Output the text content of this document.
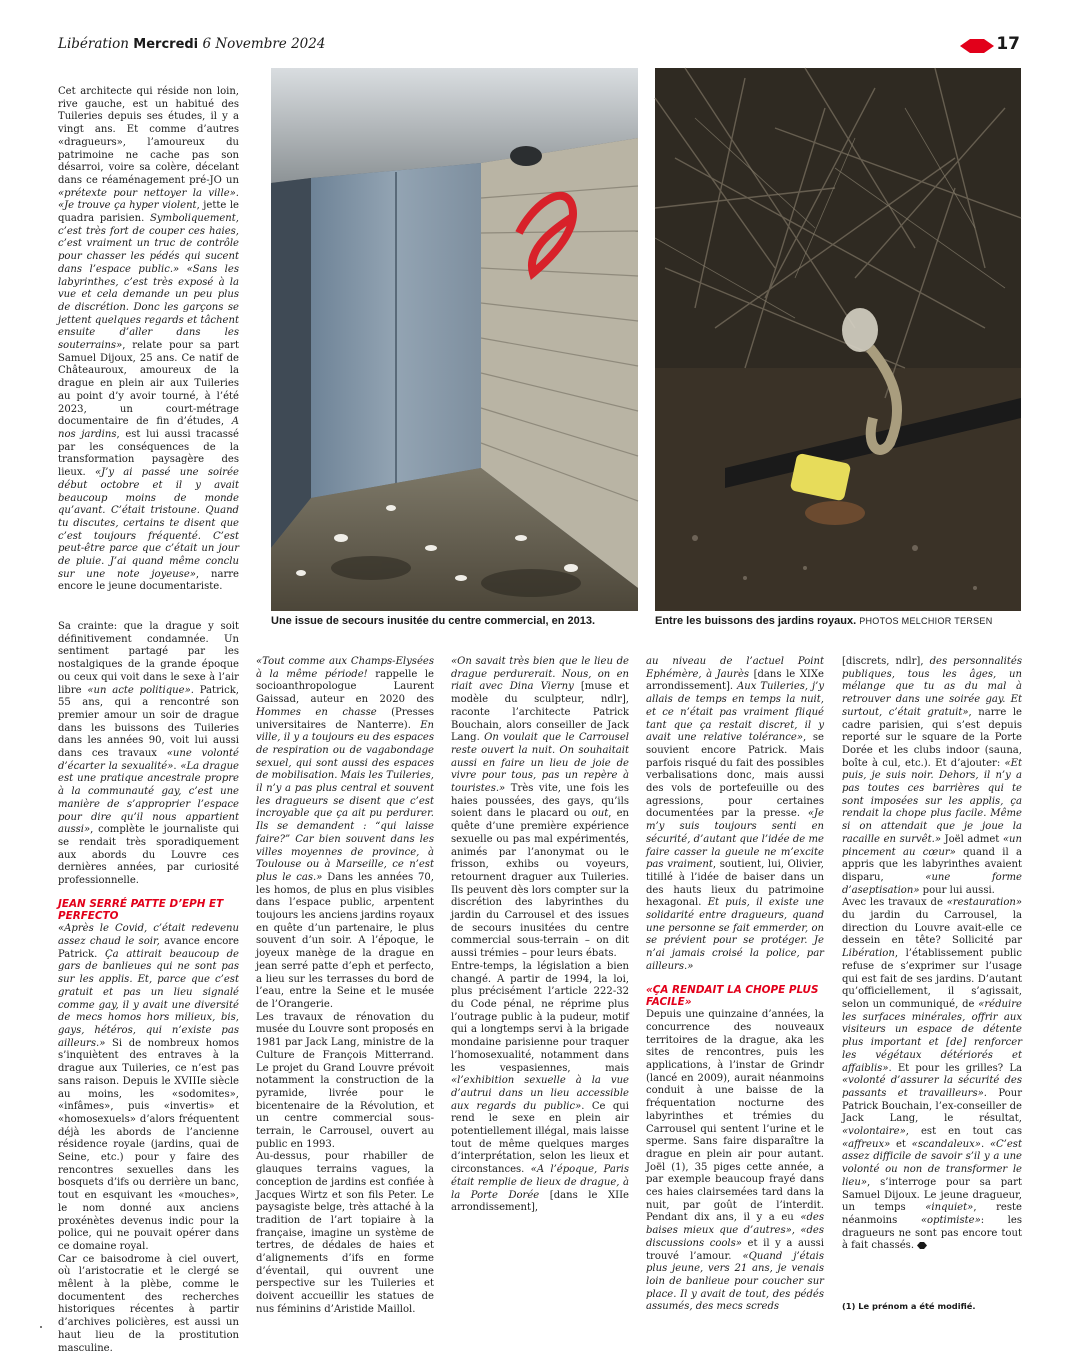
Libération Mercredi 6 Novembre 2024	17
Une issue de secours inusitée du centre commercial, en 2013.	Entre les buissons des jardins royaux. PHOTOS MELCHIOR TERSEN

Cet architecte qui réside non loin, rive gauche, est un habitué des Tuileries depuis ses études, il y a vingt ans. Et comme d’autres «dragueurs», l’amoureux du patrimoine ne cache pas son désarroi, voire sa colère, décelant dans ce réaménagement pré-JO un «prétexte pour nettoyer la ville». «Je trouve ça hyper violent, jette le quadra parisien. Symboliquement, c’est très fort de couper ces haies, c’est vraiment un truc de contrôle pour chasser les pédés qui sucent dans l’espace public.» «Sans les labyrinthes, c’est très exposé à la vue et cela demande un peu plus de discrétion. Donc les garçons se jettent quelques regards et tâchent ensuite d’aller dans les souterrains», relate pour sa part Samuel Dijoux, 25 ans. Ce natif de Châteauroux, amoureux de la drague en plein air aux Tuileries au point d’y avoir tourné, à l’été 2023, un court-métrage documentaire de fin d’études, A nos jardins, est lui aussi tracassé par les conséquences de la transformation paysagère des lieux. «J’y ai passé une soirée début octobre et il y avait beaucoup moins de monde qu’avant. C’était tristoune. Quand tu discutes, certains te disent que c’est toujours fréquenté. C’est peut-être parce que c’était un jour de pluie. J’ai quand même conclu sur une note joyeuse», narre encore le jeune documentariste.

Sa crainte: que la drague y soit définitivement condamnée. Un sentiment partagé par les nostalgiques de la grande époque ou ceux qui voit dans le sexe à l’air libre «un acte politique». Patrick, 55 ans, qui a rencontré son premier amour un soir de drague dans les buissons des Tuileries dans les années 90, voit lui aussi dans ces travaux «une volonté d’écarter la sexualité». «La drague est une pratique ancestrale propre à la communauté gay, c’est une manière de s’approprier l’espace pour dire qu’il nous appartient aussi», complète le journaliste qui se rendait très sporadiquement aux abords du Louvre ces dernières années, par curiosité professionnelle.

JEAN SERRÉ PATTE D’EPH ET PERFECTO

«Après le Covid, c’était redevenu assez chaud le soir, avance encore Patrick. Ça attirait beaucoup de gars de banlieues qui ne sont pas sur les applis. Et, parce que c’est gratuit et pas un lieu signalé comme gay, il y avait une diversité de mecs homos hors milieux, bis, gays, hétéros, qui n’existe pas ailleurs.» Si de nombreux homos s’inquiètent des entraves à la drague aux Tuileries, ce n’est pas sans raison. Depuis le XVIIIe siècle au moins, les «sodomites», «infâmes», puis «invertis» et «homosexuels» d’alors fréquentent déjà les abords de l’ancienne résidence royale (jardins, quai de Seine, etc.) pour y faire des rencontres sexuelles dans les bosquets d’ifs ou derrière un banc, tout en esquivant les «mouches», le nom donné aux anciens proxénètes devenus indic pour la police, qui ne pouvait opérer dans ce domaine royal.

Car ce baisodrome à ciel ouvert, où l’aristocratie et le clergé se mêlent à la plèbe, comme le documentent des recherches historiques récentes à partir d’archives policières, est aussi un haut lieu de la prostitution masculine.

«Tout comme aux Champs-Elysées à la même période! rappelle le socioanthropologue Laurent Gaissad, auteur en 2020 des Hommes en chasse (Presses universitaires de Nanterre). En ville, il y a toujours eu des espaces de respiration ou de vagabondage sexuel, qui sont aussi des espaces de mobilisation. Mais les Tuileries, il n’y a pas plus central et souvent les dragueurs se disent que c’est incroyable que ça ait pu perdurer. Ils se demandent : “qui laisse faire?” Car bien souvent dans les villes moyennes de province, à Toulouse ou à Marseille, ce n’est plus le cas.» Dans les années 70, les homos, de plus en plus visibles dans l’espace public, arpentent toujours les anciens jardins royaux en quête d’un partenaire, le plus souvent d’un soir. A l’époque, le joyeux manège de la drague en jean serré patte d’eph et perfecto, a lieu sur les terrasses du bord de l’eau, entre la Seine et le musée de l’Orangerie.

Les travaux de rénovation du musée du Louvre sont proposés en 1981 par Jack Lang, ministre de la Culture de François Mitterrand. Le projet du Grand Louvre prévoit notamment la construction de la pyramide, livrée pour le bicentenaire de la Révolution, et un centre commercial sous-terrain, le Carrousel, ouvert au public en 1993.

Au-dessus, pour rhabiller de glauques terrains vagues, la conception de jardins est confiée à Jacques Wirtz et son fils Peter. Le paysagiste belge, très attaché à la tradition de l’art topiaire à la française, imagine un système de tertres, de dédales de haies et d’alignements d’ifs en forme d’éventail, qui ouvrent une perspective sur les Tuileries et doivent accueillir les statues de nus féminins d’Aristide Maillol.

«On savait très bien que le lieu de drague perdurerait. Nous, on en riait avec Dina Vierny [muse et modèle du sculpteur, ndlr], raconte l’architecte Patrick Bouchain, alors conseiller de Jack Lang. On voulait que le Carrousel reste ouvert la nuit. On souhaitait aussi en faire un lieu de joie de vivre pour tous, pas un repère à touristes.» Très vite, une fois les haies poussées, des gays, qu’ils soient dans le placard ou out, en quête d’une première expérience sexuelle ou pas mal expérimentés, animés par l’anonymat ou le frisson, exhibs ou voyeurs, retournent draguer aux Tuileries. Ils peuvent dès lors compter sur la discrétion des labyrinthes du jardin du Carrousel et des issues de secours inusitées du centre commercial sous-terrain – on dit aussi trémies – pour leurs ébats.

Entre-temps, la législation a bien changé. A partir de 1994, la loi, plus précisément l’article 222-32 du Code pénal, ne réprime plus l’outrage public à la pudeur, motif qui a longtemps servi à la brigade mondaine parisienne pour traquer l’homosexualité, notamment dans les vespasiennes, mais «l’exhibition sexuelle à la vue d’autrui dans un lieu accessible aux regards du public». Ce qui rend le sexe en plein air potentiellement illégal, mais laisse tout de même quelques marges d’interprétation, selon les lieux et circonstances. «A l’époque, Paris était remplie de lieux de drague, à la Porte Dorée [dans le XIIe arrondissement],

au niveau de l’actuel Point Ephémère, à Jaurès [dans le XIXe arrondissement]. Aux Tuileries, j’y allais de temps en temps la nuit, et ce n’était pas vraiment fliqué tant que ça restait discret, il y avait une relative tolérance», se souvient encore Patrick. Mais parfois risqué du fait des possibles verbalisations donc, mais aussi des vols de portefeuille ou des agressions, pour certaines documentées par la presse. «Je m’y suis toujours senti en sécurité, d’autant que l’idée de me faire casser la gueule ne m’excite pas vraiment, soutient, lui, Olivier, titillé à l’idée de baiser dans un des hauts lieux du patrimoine hexagonal. Et puis, il existe une solidarité entre dragueurs, quand une personne se fait emmerder, on se prévient pour se protéger. Je n’ai jamais croisé la police, par ailleurs.»

«ÇA RENDAIT LA CHOPE PLUS FACILE»

Depuis une quinzaine d’années, la concurrence des nouveaux territoires de la drague, aka les sites de rencontres, puis les applications, à l’instar de Grindr (lancé en 2009), aurait néanmoins conduit à une baisse de la fréquentation nocturne des labyrinthes et trémies du Carrousel qui sentent l’urine et le sperme. Sans faire disparaître la drague en plein air pour autant. Joël (1), 35 piges cette année, a par exemple beaucoup frayé dans ces haies clairsemées tard dans la nuit, par goût de l’interdit. Pendant dix ans, il y a eu «des baises mieux que d’autres», «des discussions cools» et il y a aussi trouvé l’amour. «Quand j’étais plus jeune, vers 21 ans, je venais loin de banlieue pour coucher sur place. Il y avait de tout, des pédés assumés, des mecs screds

[discrets, ndlr], des personnalités publiques, tous les âges, un mélange que tu as du mal à retrouver dans une soirée gay. Et surtout, c’était gratuit», narre le cadre parisien, qui s’est depuis reporté sur le square de la Porte Dorée et les clubs indoor (sauna, boîte à cul, etc.). Et d’ajouter: «Et puis, je suis noir. Dehors, il n’y a pas toutes ces barrières qui te sont imposées sur les applis, ça rendait la chope plus facile. Même si on attendait que je joue la racaille en survêt.» Joël admet «un pincement au cœur» quand il a appris que les labyrinthes avaient disparu, «une forme d’aseptisation» pour lui aussi.

Avec les travaux de «restauration» du jardin du Carrousel, la direction du Louvre avait-elle ce dessein en tête? Sollicité par Libération, l’établissement public refuse de s’exprimer sur l’usage qui est fait de ses jardins. D’autant qu’officiellement, il s’agissait, selon un communiqué, de «réduire les surfaces minérales, offrir aux visiteurs un espace de détente plus important et [de] renforcer les végétaux détériorés et affaiblis». Et pour les grilles? La «volonté d’assurer la sécurité des passants et travailleurs». Pour Patrick Bouchain, l’ex-conseiller de Jack Lang, le résultat, «volontaire», est en tout cas «affreux» et «scandaleux». «C’est assez difficile de savoir s’il y a une volonté ou non de transformer le lieu», s’interroge pour sa part Samuel Dijoux. Le jeune dragueur, un temps «inquiet», reste néanmoins «optimiste»: les dragueurs ne sont pas encore tout à fait chassés.

(1) Le prénom a été modifié.
